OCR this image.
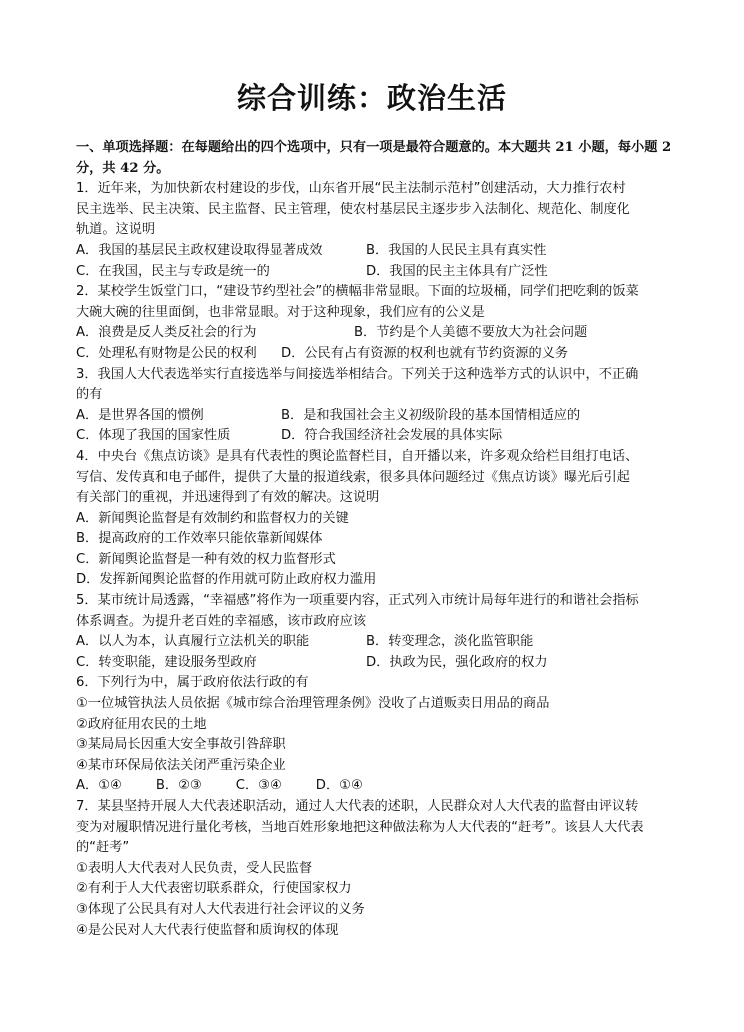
综合训练：政治生活
一、单项选择题：在每题给出的四个选项中，只有一项是最符合题意的。本大题共 21 小题，每小题 2 分，共 42 分。
1．近年来，为加快新农村建设的步伐，山东省开展“民主法制示范村”创建活动，大力推行农村
民主选举、民主决策、民主监督、民主管理，使农村基层民主逐步步入法制化、规范化、制度化
轨道。这说明
A．我国的基层民主政权建设取得显著成效	B．我国的人民民主具有真实性
C．在我国，民主与专政是统一的	D．我国的民主主体具有广泛性
2．某校学生饭堂门口，“建设节约型社会”的横幅非常显眼。下面的垃圾桶，同学们把吃剩的饭菜
大碗大碗的往里面倒，也非常显眼。对于这种现象，我们应有的公义是
A．浪费是反人类反社会的行为	B．节约是个人美德不要放大为社会问题
C．处理私有财物是公民的权利	D．公民有占有资源的权利也就有节约资源的义务
3．我国人大代表选举实行直接选举与间接选举相结合。下列关于这种选举方式的认识中，不正确
的有
A．是世界各国的惯例	B．是和我国社会主义初级阶段的基本国情相适应的
C．体现了我国的国家性质	D．符合我国经济社会发展的具体实际
4．中央台《焦点访谈》是具有代表性的舆论监督栏目，自开播以来，许多观众给栏目组打电话、
写信、发传真和电子邮件，提供了大量的报道线索，很多具体问题经过《焦点访谈》曝光后引起
有关部门的重视，并迅速得到了有效的解决。这说明
A．新闻舆论监督是有效制约和监督权力的关键
B．提高政府的工作效率只能依靠新闻媒体
C．新闻舆论监督是一种有效的权力监督形式
D．发挥新闻舆论监督的作用就可防止政府权力滥用
5．某市统计局透露，“幸福感”将作为一项重要内容，正式列入市统计局每年进行的和谐社会指标
体系调查。为提升老百姓的幸福感，该市政府应该
A．以人为本，认真履行立法机关的职能	B．转变理念，淡化监管职能
C．转变职能，建设服务型政府	D．执政为民，强化政府的权力
6．下列行为中，属于政府依法行政的有
①一位城管执法人员依据《城市综合治理管理条例》没收了占道贩卖日用品的商品
②政府征用农民的土地
③某局局长因重大安全事故引咎辞职
④某市环保局依法关闭严重污染企业
A．①④	B．②③	C．③④	D．①④
7．某县坚持开展人大代表述职活动，通过人大代表的述职，人民群众对人大代表的监督由评议转
变为对履职情况进行量化考核，当地百姓形象地把这种做法称为人大代表的“赶考”。该县人大代表
的“赶考”
①表明人大代表对人民负责，受人民监督
②有利于人大代表密切联系群众，行使国家权力
③体现了公民具有对人大代表进行社会评议的义务
④是公民对人大代表行使监督和质询权的体现
